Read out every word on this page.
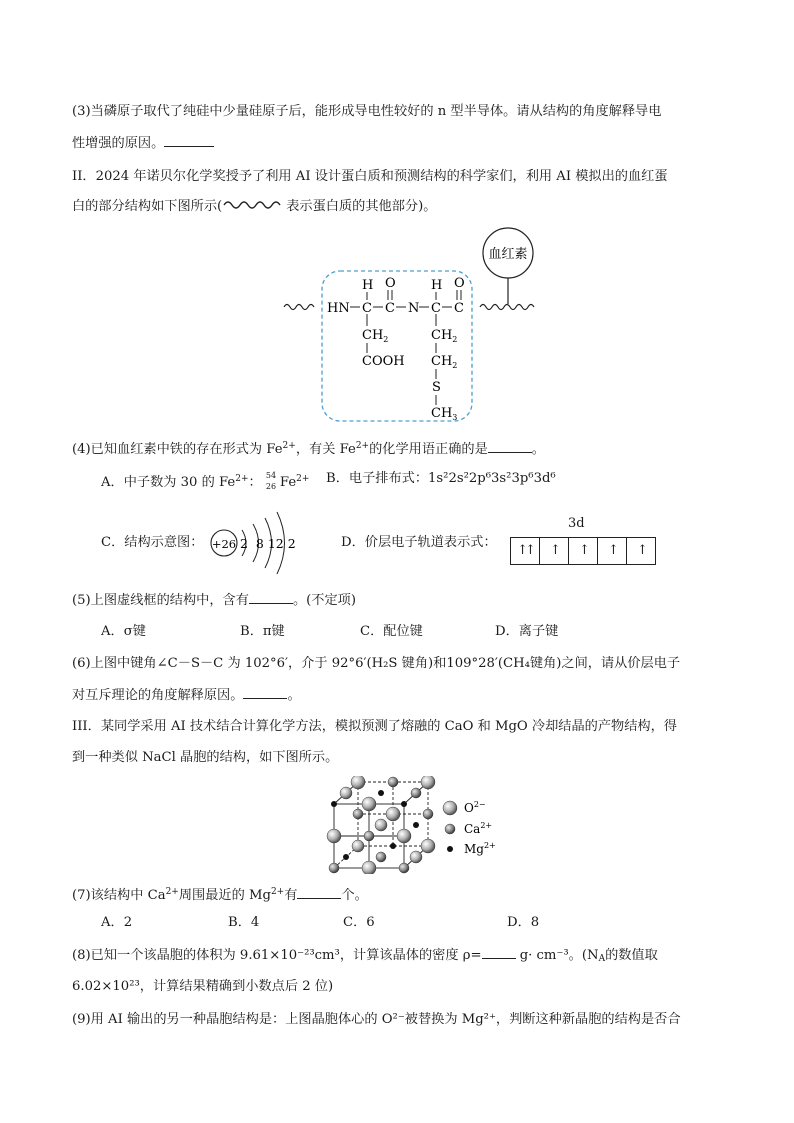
(3)当磷原子取代了纯硅中少量硅原子后，能形成导电性较好的 n 型半导体。请从结构的角度解释导电
性增强的原因。
II．2024 年诺贝尔化学奖授予了利用 AI 设计蛋白质和预测结构的科学家们，利用 AI 模拟出的血红蛋
白的部分结构如下图所示(	表示蛋白质的其他部分)。
血红素
HN C C N C C
H	H
O	O
$CH_2$
COOH
$CH_2$
$CH_2$
S
$CH_3$
(4)已知血红素中铁的存在形式为 $Fe^{2+}$，有关 $Fe^{2+}$的化学用语正确的是	。
A．中子数为 30 的 $Fe^{2+}$： 54
26 $Fe^{2+}$ B．电子排布式：1s²2s²2p⁶3s²3p⁶3d⁶
C．结构示意图： +26 2  8 12 2	D．价层电子轨道表示式：
3d
↑↑	↑	↑	↑	↑
(5)上图虚线框的结构中，含有	。(不定项)
A．σ键	B．π键	C．配位键	D．离子键
(6)上图中键角∠C－S－C 为 102°6′，介于 92°6′(H₂S 键角)和109°28′(CH₄键角)之间，请从价层电子
对互斥理论的角度解释原因。	。
III．某同学采用 AI 技术结合计算化学方法，模拟预测了熔融的 CaO 和 MgO 冷却结晶的产物结构，得
到一种类似 NaCl 晶胞的结构，如下图所示。
$O^{2-}$
$Ca^{2+}$
$Mg^{2+}$
(7)该结构中 $Ca^{2+}$周围最近的 $Mg^{2+}$有	个。
A．2	B．4	C．6	D．8
(8)已知一个该晶胞的体积为 9.61×10⁻²³cm³，计算该晶体的密度 ρ=	g· cm⁻³。($N_A$的数值取
6.02×10²³，计算结果精确到小数点后 2 位)
(9)用 AI 输出的另一种晶胞结构是：上图晶胞体心的 O²⁻被替换为 Mg²⁺，判断这种新晶胞的结构是否合
